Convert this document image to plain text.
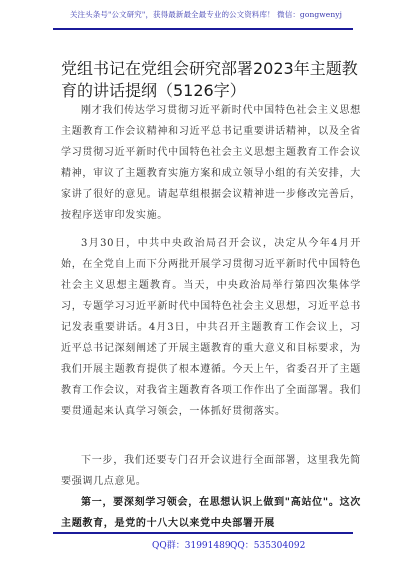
关注头条号"公文研究"，获得最新最全最专业的公文资料库！ 微信：gongwenyj
党组书记在党组会研究部署2023年主题教育的讲话提纲（5126字）
刚才我们传达学习贯彻习近平新时代中国特色社会主义思想主题教育工作会议精神和习近平总书记重要讲话精神，以及全省学习贯彻习近平新时代中国特色社会主义思想主题教育工作会议精神，审议了主题教育实施方案和成立领导小组的有关安排，大家讲了很好的意见。请起草组根据会议精神进一步修改完善后，按程序送审印发实施。
3月30日，中共中央政治局召开会议，决定从今年4月开始，在全党自上而下分两批开展学习贯彻习近平新时代中国特色社会主义思想主题教育。当天，中央政治局举行第四次集体学习，专题学习习近平新时代中国特色社会主义思想，习近平总书记发表重要讲话。4月3日，中共召开主题教育工作会议上，习近平总书记深刻阐述了开展主题教育的重大意义和目标要求，为我们开展主题教育提供了根本遵循。今天上午，省委召开了主题教育工作会议，对我省主题教育各项工作作出了全面部署。我们要贯通起来认真学习领会，一体抓好贯彻落实。
下一步，我们还要专门召开会议进行全面部署，这里我先简要强调几点意见。
第一，要深刻学习领会，在思想认识上做到"高站位"。这次主题教育，是党的十八大以来党中央部署开展
QQ群：31991489 QQ：535304092
